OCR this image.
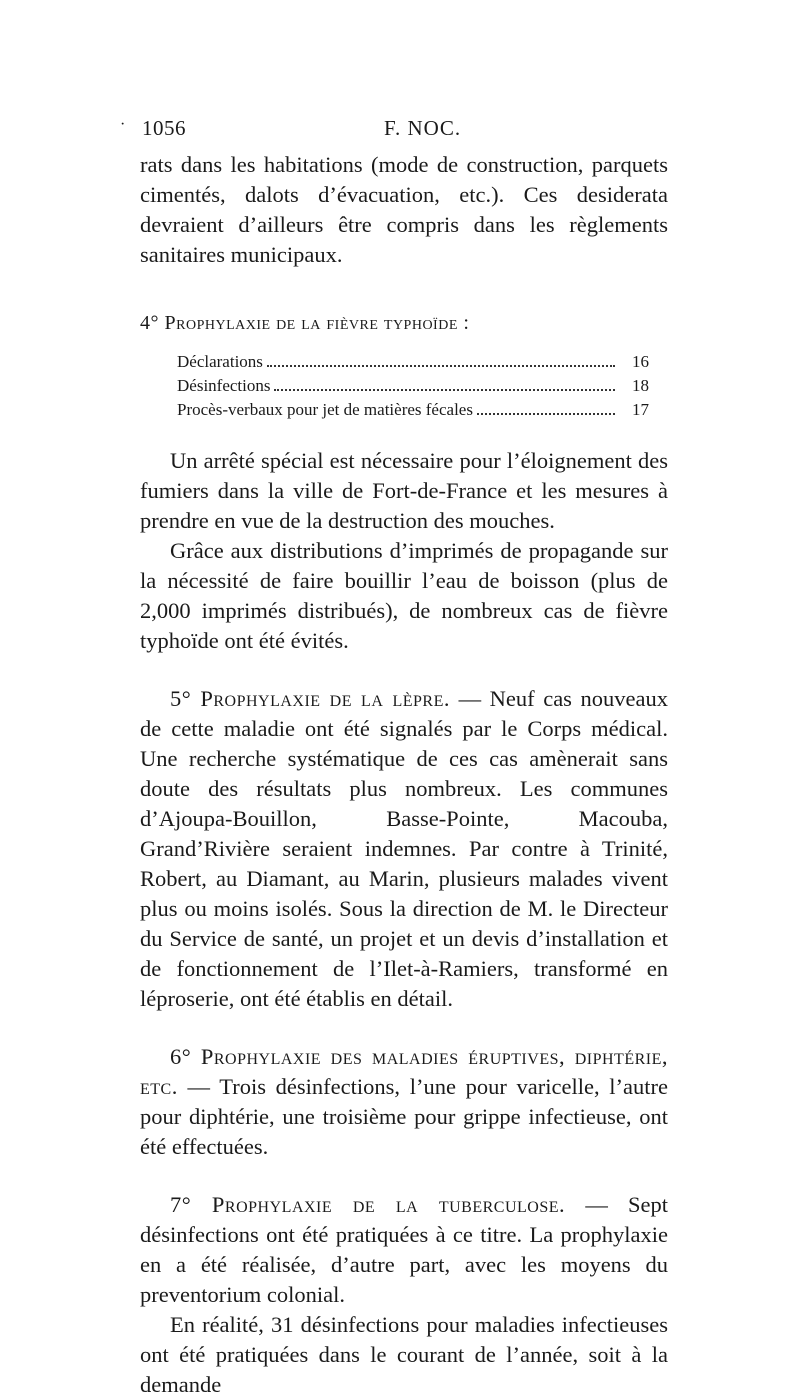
· 1056	F. NOC.

rats dans les habitations (mode de construction, parquets cimentés, dalots d’évacuation, etc.). Ces desiderata devraient d’ailleurs être compris dans les règlements sanitaires municipaux.

4° Prophylaxie de la fièvre typhoïde :

Déclarations	16
Désinfections	18
Procès-verbaux pour jet de matières fécales	17

Un arrêté spécial est nécessaire pour l’éloignement des fumiers dans la ville de Fort-de-France et les mesures à prendre en vue de la destruction des mouches.

Grâce aux distributions d’imprimés de propagande sur la nécessité de faire bouillir l’eau de boisson (plus de 2,000 imprimés distribués), de nombreux cas de fièvre typhoïde ont été évités.

5° Prophylaxie de la lèpre. — Neuf cas nouveaux de cette maladie ont été signalés par le Corps médical. Une recherche systématique de ces cas amènerait sans doute des résultats plus nombreux. Les communes d’Ajoupa-Bouillon, Basse-Pointe, Macouba, Grand’Rivière seraient indemnes. Par contre à Trinité, Robert, au Diamant, au Marin, plusieurs malades vivent plus ou moins isolés. Sous la direction de M. le Directeur du Service de santé, un projet et un devis d’installation et de fonctionnement de l’Ilet-à-Ramiers, transformé en léproserie, ont été établis en détail.

6° Prophylaxie des maladies éruptives, diphtérie, etc. — Trois désinfections, l’une pour varicelle, l’autre pour diphtérie, une troisième pour grippe infectieuse, ont été effectuées.

7° Prophylaxie de la tuberculose. — Sept désinfections ont été pratiquées à ce titre. La prophylaxie en a été réalisée, d’autre part, avec les moyens du preventorium colonial.

En réalité, 31 désinfections pour maladies infectieuses ont été pratiquées dans le courant de l’année, soit à la demande
